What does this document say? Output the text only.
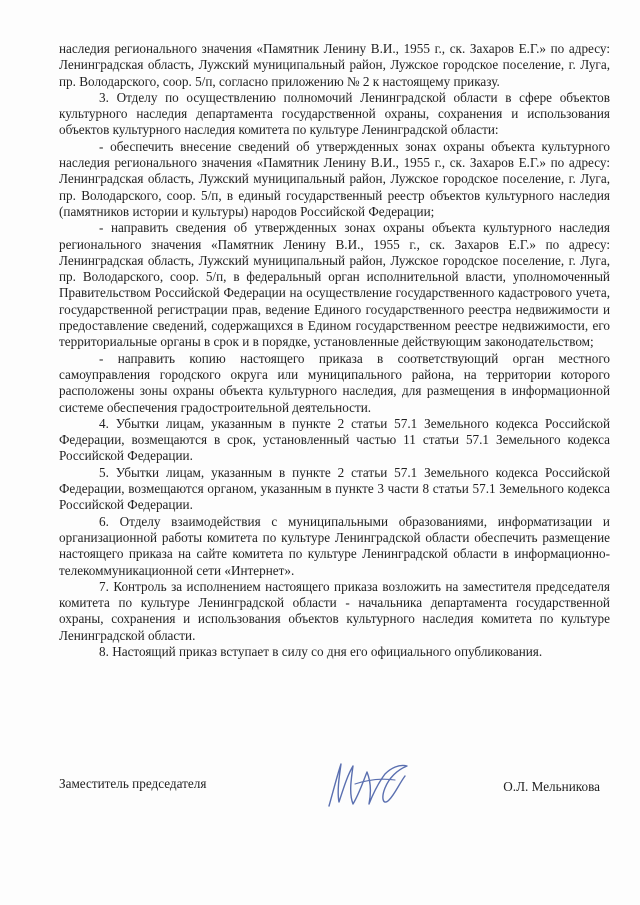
наследия регионального значения «Памятник Ленину В.И., 1955 г., ск. Захаров Е.Г.» по адресу: Ленинградская область, Лужский муниципальный район, Лужское городское поселение, г. Луга, пр. Володарского, соор. 5/п, согласно приложению № 2 к настоящему приказу.

3. Отделу по осуществлению полномочий Ленинградской области в сфере объектов культурного наследия департамента государственной охраны, сохранения и использования объектов культурного наследия комитета по культуре Ленинградской области:

- обеспечить внесение сведений об утвержденных зонах охраны объекта культурного наследия регионального значения «Памятник Ленину В.И., 1955 г., ск. Захаров Е.Г.» по адресу: Ленинградская область, Лужский муниципальный район, Лужское городское поселение, г. Луга, пр. Володарского, соор. 5/п, в единый государственный реестр объектов культурного наследия (памятников истории и культуры) народов Российской Федерации;

- направить сведения об утвержденных зонах охраны объекта культурного наследия регионального значения «Памятник Ленину В.И., 1955 г., ск. Захаров Е.Г.» по адресу: Ленинградская область, Лужский муниципальный район, Лужское городское поселение, г. Луга, пр. Володарского, соор. 5/п, в федеральный орган исполнительной власти, уполномоченный Правительством Российской Федерации на осуществление государственного кадастрового учета, государственной регистрации прав, ведение Единого государственного реестра недвижимости и предоставление сведений, содержащихся в Едином государственном реестре недвижимости, его территориальные органы в срок и в порядке, установленные действующим законодательством;

- направить копию настоящего приказа в соответствующий орган местного самоуправления городского округа или муниципального района, на территории которого расположены зоны охраны объекта культурного наследия, для размещения в информационной системе обеспечения градостроительной деятельности.

4. Убытки лицам, указанным в пункте 2 статьи 57.1 Земельного кодекса Российской Федерации, возмещаются в срок, установленный частью 11 статьи 57.1 Земельного кодекса Российской Федерации.

5. Убытки лицам, указанным в пункте 2 статьи 57.1 Земельного кодекса Российской Федерации, возмещаются органом, указанным в пункте 3 части 8 статьи 57.1 Земельного кодекса Российской Федерации.

6. Отделу взаимодействия с муниципальными образованиями, информатизации и организационной работы комитета по культуре Ленинградской области обеспечить размещение настоящего приказа на сайте комитета по культуре Ленинградской области в информационно-телекоммуникационной сети «Интернет».

7. Контроль за исполнением настоящего приказа возложить на заместителя председателя комитета по культуре Ленинградской области - начальника департамента государственной охраны, сохранения и использования объектов культурного наследия комитета по культуре Ленинградской области.

8. Настоящий приказ вступает в силу со дня его официального опубликования.

Заместитель председателя	О.Л. Мельникова
